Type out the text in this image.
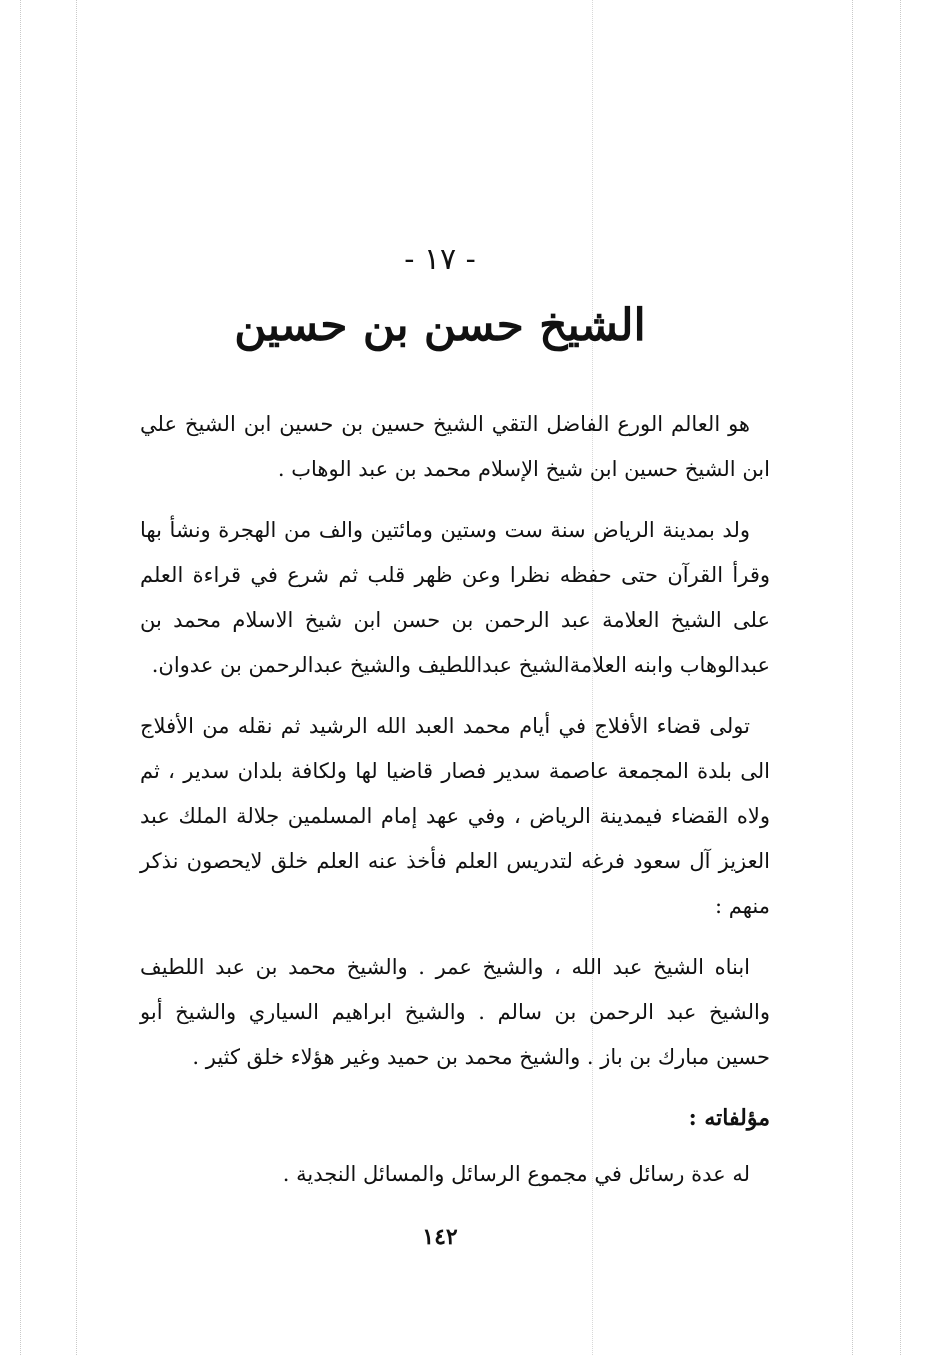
- ١٧ -
الشيخ حسن بن حسين

هو العالم الورع الفاضل التقي الشيخ حسين بن حسين ابن الشيخ علي ابن الشيخ حسين ابن شيخ الإسلام محمد بن عبد الوهاب .

ولد بمدينة الرياض سنة ست وستين ومائتين والف من الهجرة ونشأ بها وقرأ القرآن حتى حفظه نظرا وعن ظهر قلب ثم شرع في قراءة العلم على الشيخ العلامة عبد الرحمن بن حسن ابن شيخ الاسلام محمد بن عبدالوهاب وابنه العلامةالشيخ عبداللطيف والشيخ عبدالرحمن بن عدوان.

تولى قضاء الأفلاج في أيام محمد العبد الله الرشيد ثم نقله من الأفلاج الى بلدة المجمعة عاصمة سدير فصار قاضيا لها ولكافة بلدان سدير ، ثم ولاه القضاء فيمدينة الرياض ، وفي عهد إمام المسلمين جلالة الملك عبد العزيز آل سعود فرغه لتدريس العلم فأخذ عنه العلم خلق لايحصون نذكر منهم :

ابناه الشيخ عبد الله ، والشيخ عمر . والشيخ محمد بن عبد اللطيف والشيخ عبد الرحمن بن سالم . والشيخ ابراهيم السياري والشيخ أبو حسين مبارك بن باز . والشيخ محمد بن حميد وغير هؤلاء خلق كثير .

مؤلفاته :

له عدة رسائل في مجموع الرسائل والمسائل النجدية .

١٤٢
